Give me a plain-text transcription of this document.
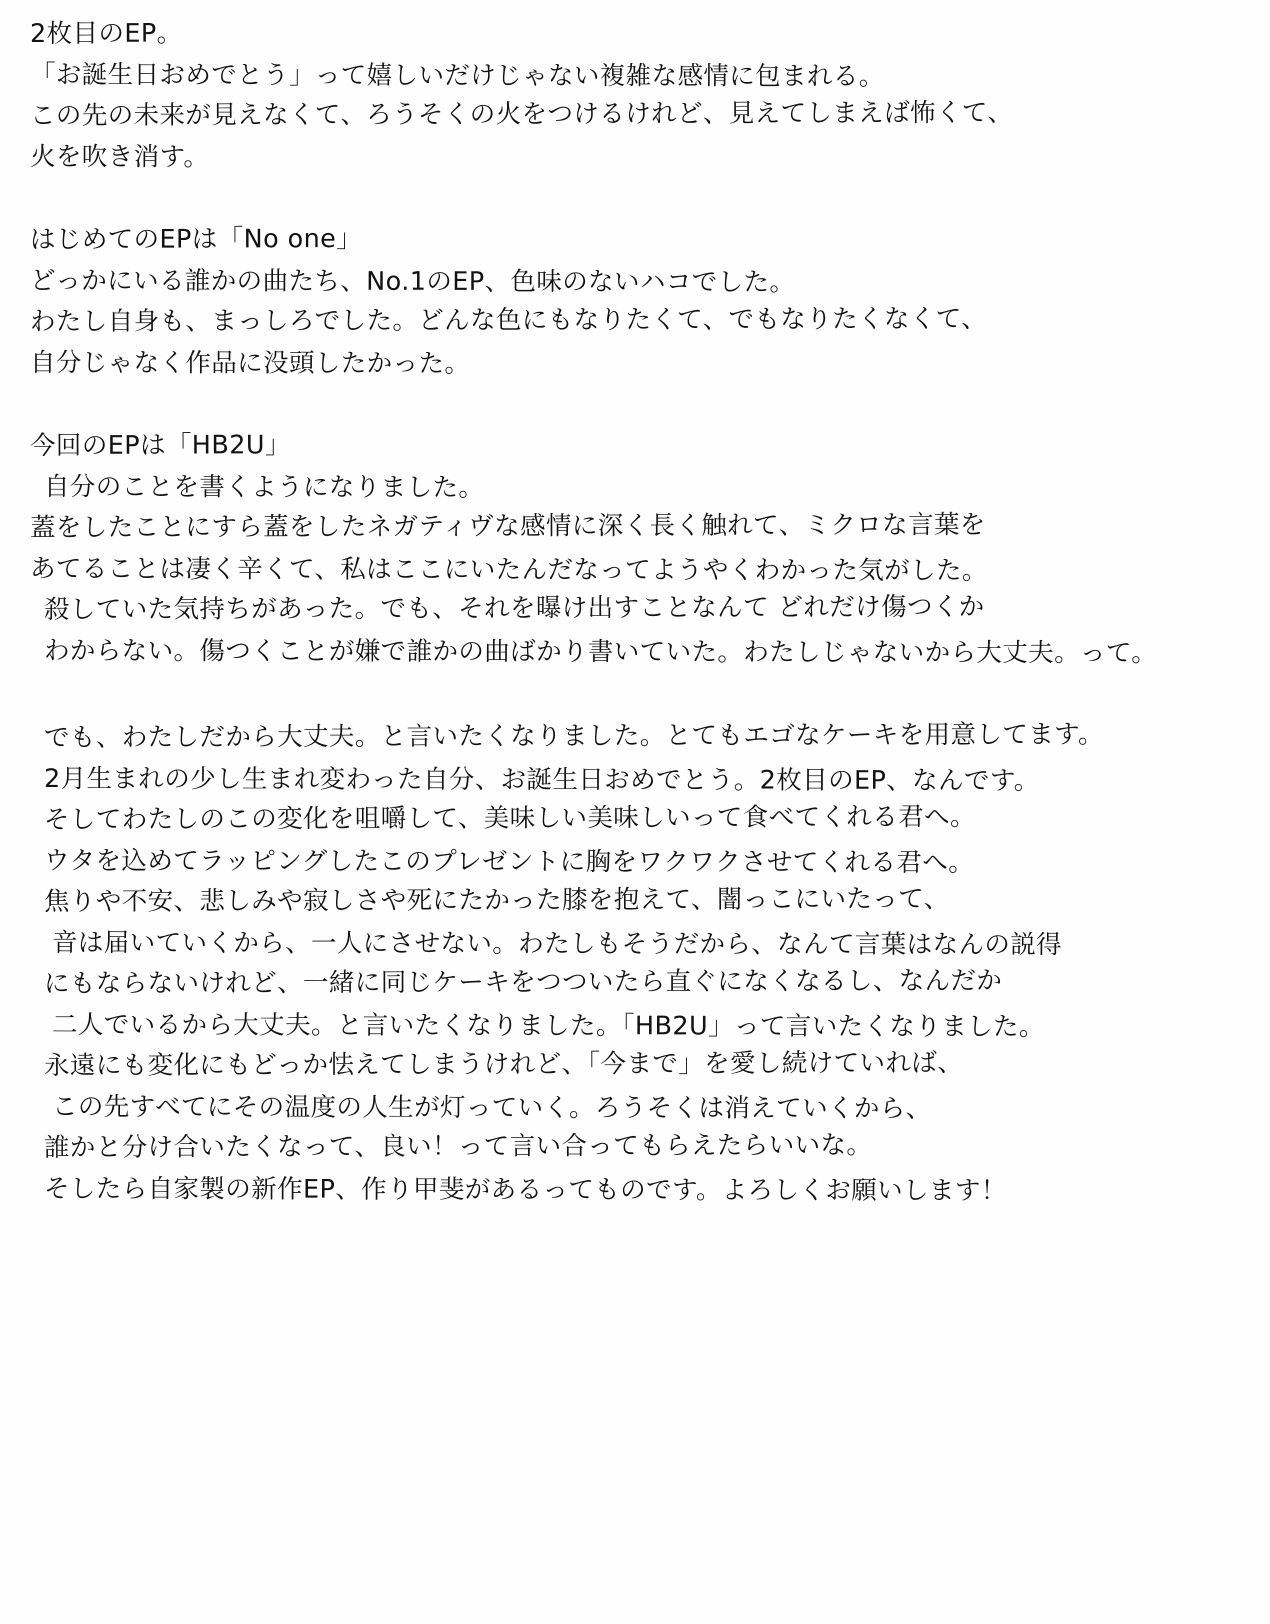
2枚目のEP。
「お誕生日おめでとう」って嬉しいだけじゃない複雑な感情に包まれる。
この先の未来が見えなくて、ろうそくの火をつけるけれど、見えてしまえば怖くて、
火を吹き消す。
はじめてのEPは「No one」
どっかにいる誰かの曲たち、No.1のEP、色味のないハコでした。
わたし自身も、まっしろでした。どんな色にもなりたくて、でもなりたくなくて、
自分じゃなく作品に没頭したかった。
今回のEPは「HB2U」
自分のことを書くようになりました。
蓋をしたことにすら蓋をしたネガティヴな感情に深く長く触れて、ミクロな言葉を
あてることは凄く辛くて、私はここにいたんだなってようやくわかった気がした。
殺していた気持ちがあった。でも、それを曝け出すことなんて どれだけ傷つくか
わからない。傷つくことが嫌で誰かの曲ばかり書いていた。わたしじゃないから大丈夫。って。
でも、わたしだから大丈夫。と言いたくなりました。とてもエゴなケーキを用意してます。
2月生まれの少し生まれ変わった自分、お誕生日おめでとう。2枚目のEP、なんです。
そしてわたしのこの変化を咀嚼して、美味しい美味しいって食べてくれる君へ。
ウタを込めてラッピングしたこのプレゼントに胸をワクワクさせてくれる君へ。
焦りや不安、悲しみや寂しさや死にたかった膝を抱えて、闇っこにいたって、
音は届いていくから、一人にさせない。わたしもそうだから、なんて言葉はなんの説得
にもならないけれど、一緒に同じケーキをつついたら直ぐになくなるし、なんだか
二人でいるから大丈夫。と言いたくなりました。「HB2U」って言いたくなりました。
永遠にも変化にもどっか怯えてしまうけれど、「今まで」を愛し続けていれば、
この先すべてにその温度の人生が灯っていく。ろうそくは消えていくから、
誰かと分け合いたくなって、良い！って言い合ってもらえたらいいな。
そしたら自家製の新作EP、作り甲斐があるってものです。よろしくお願いします！
